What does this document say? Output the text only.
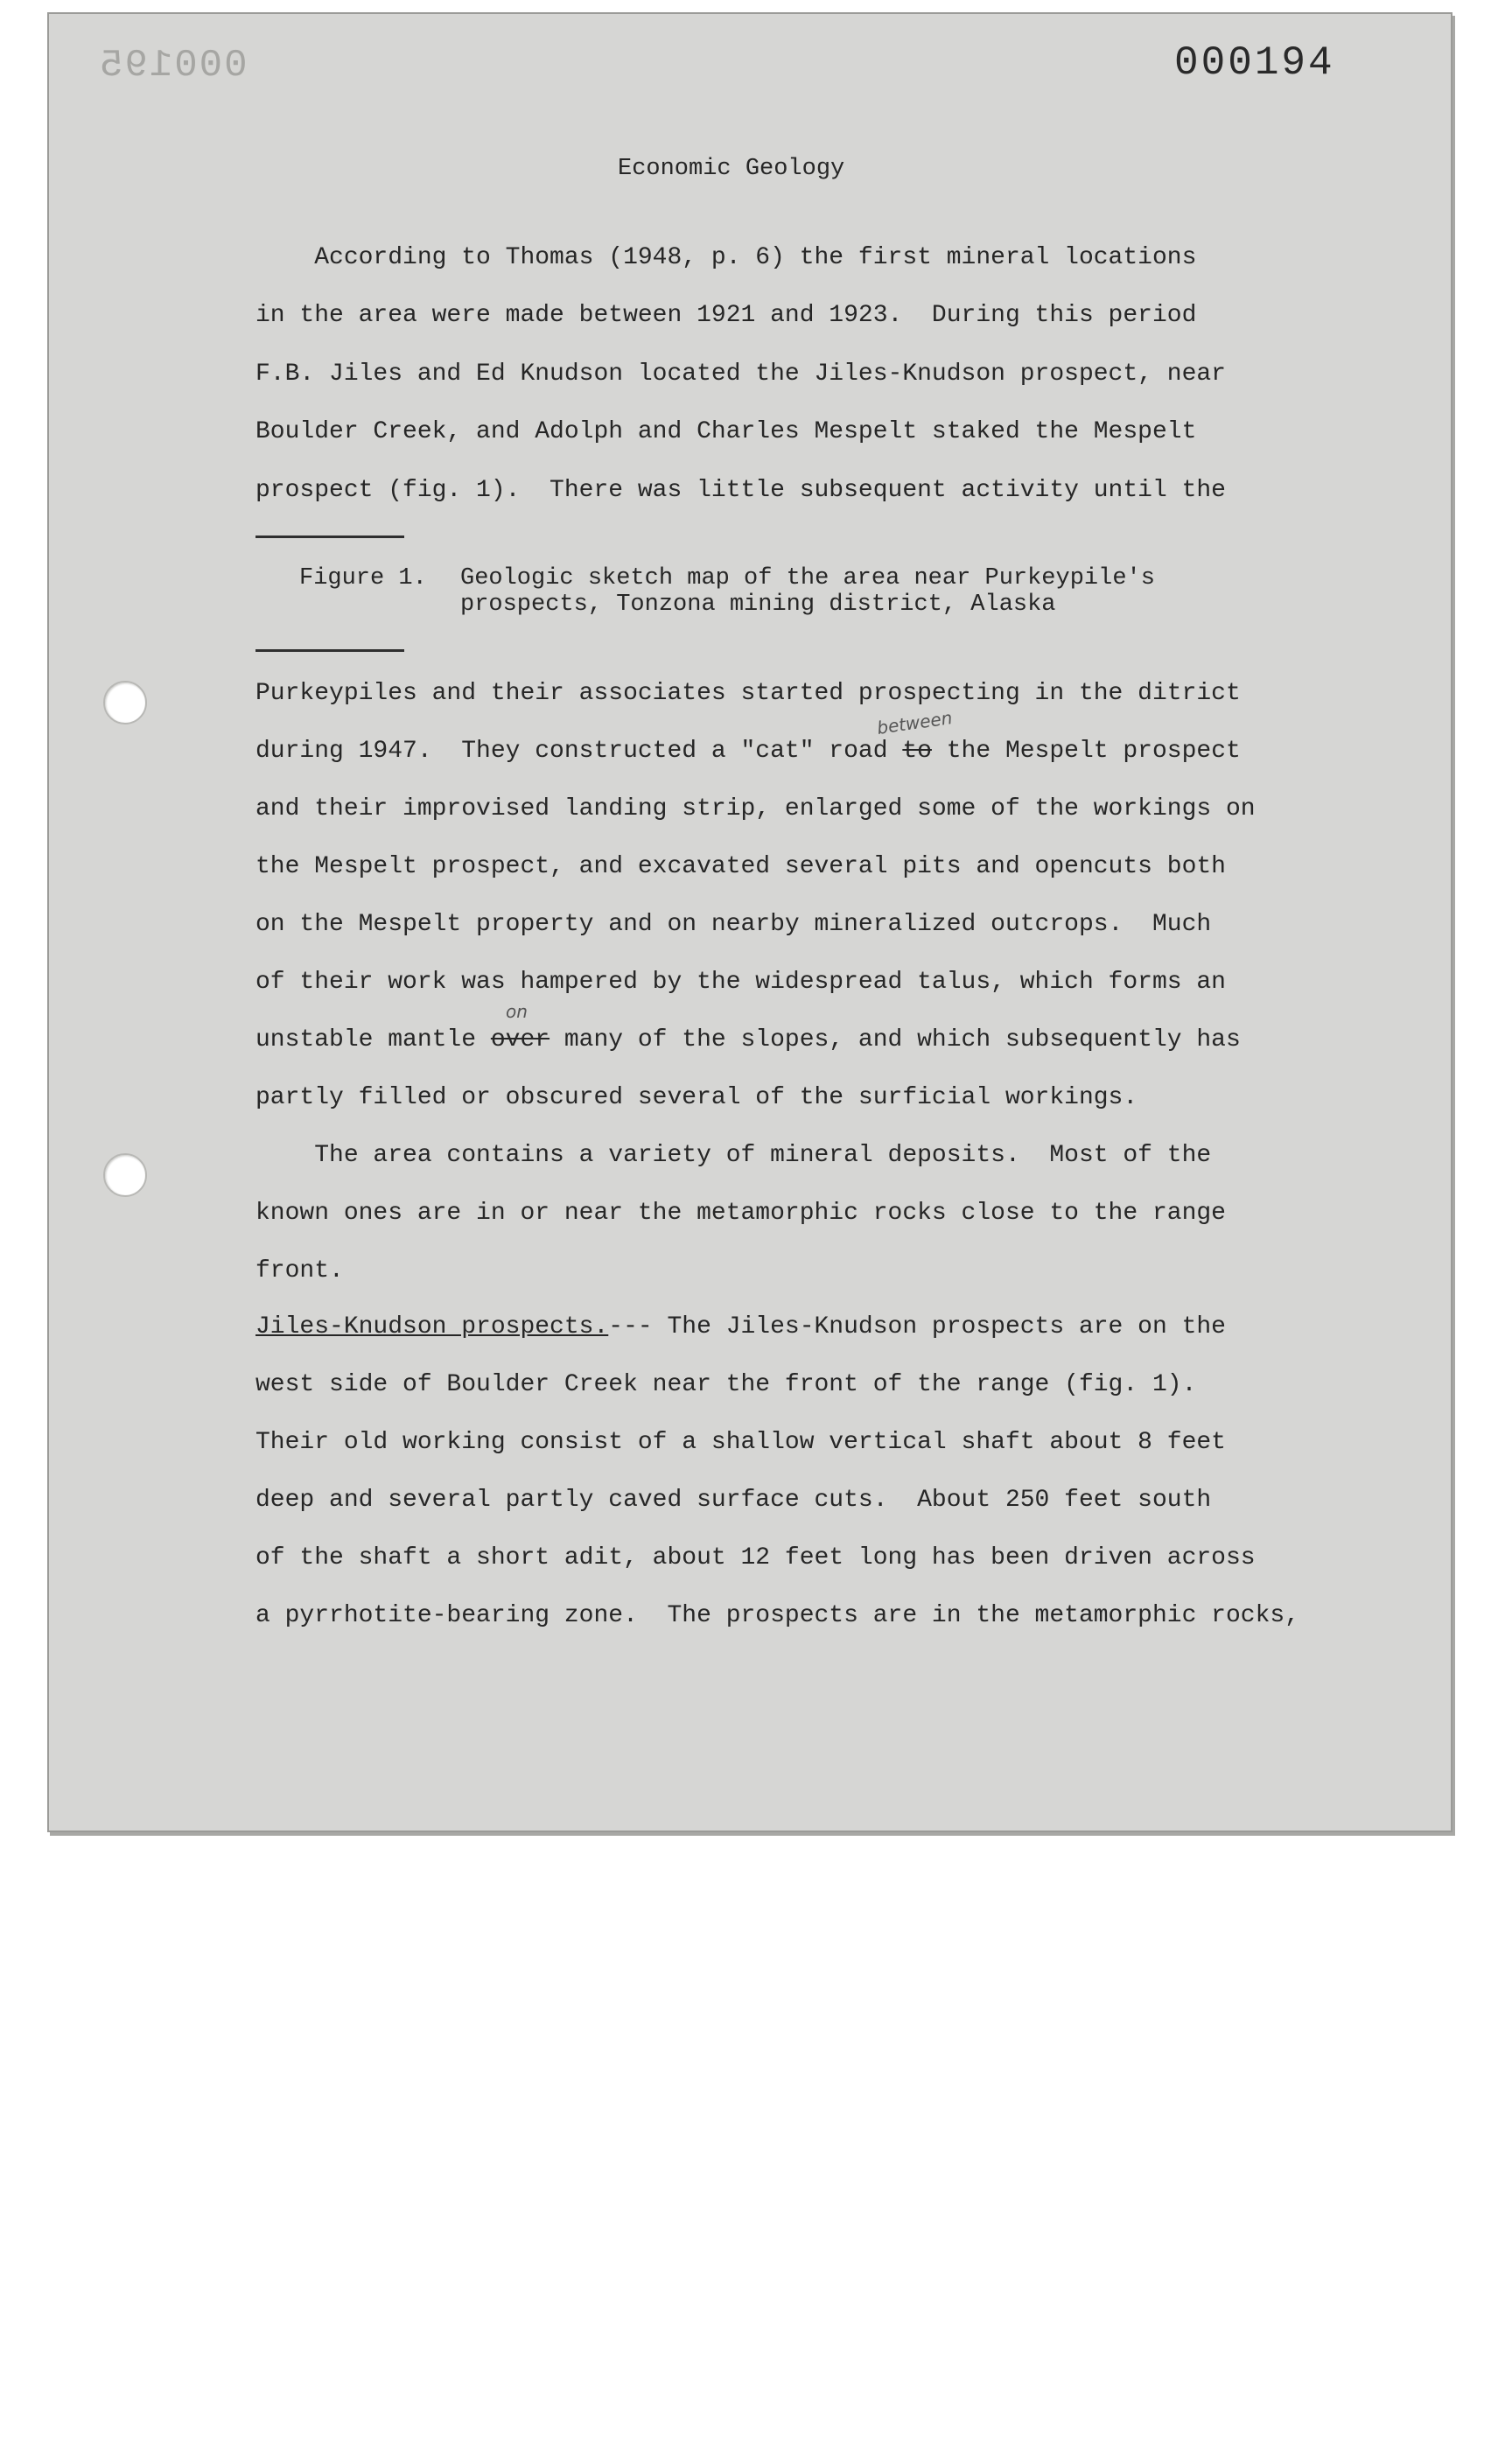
000195	000194
Economic Geology
According to Thomas (1948, p. 6) the first mineral locations
in the area were made between 1921 and 1923.  During this period
F.B. Jiles and Ed Knudson located the Jiles-Knudson prospect, near
Boulder Creek, and Adolph and Charles Mespelt staked the Mespelt
prospect (fig. 1).  There was little subsequent activity until the
Figure 1. Geologic sketch map of the area near Purkeypile's
prospects, Tonzona mining district, Alaska
Purkeypiles and their associates started prospecting in the ditrict
during 1947.  They constructed a "cat" road to the Mespelt prospect
between
and their improvised landing strip, enlarged some of the workings on
the Mespelt prospect, and excavated several pits and opencuts both
on the Mespelt property and on nearby mineralized outcrops.  Much
of their work was hampered by the widespread talus, which forms an
unstable mantle over many of the slopes, and which subsequently has
on
partly filled or obscured several of the surficial workings.
The area contains a variety of mineral deposits.  Most of the
known ones are in or near the metamorphic rocks close to the range
front.
Jiles-Knudson prospects.--- The Jiles-Knudson prospects are on the
west side of Boulder Creek near the front of the range (fig. 1).
Their old working consist of a shallow vertical shaft about 8 feet
deep and several partly caved surface cuts.  About 250 feet south
of the shaft a short adit, about 12 feet long has been driven across
a pyrrhotite-bearing zone.  The prospects are in the metamorphic rocks,
